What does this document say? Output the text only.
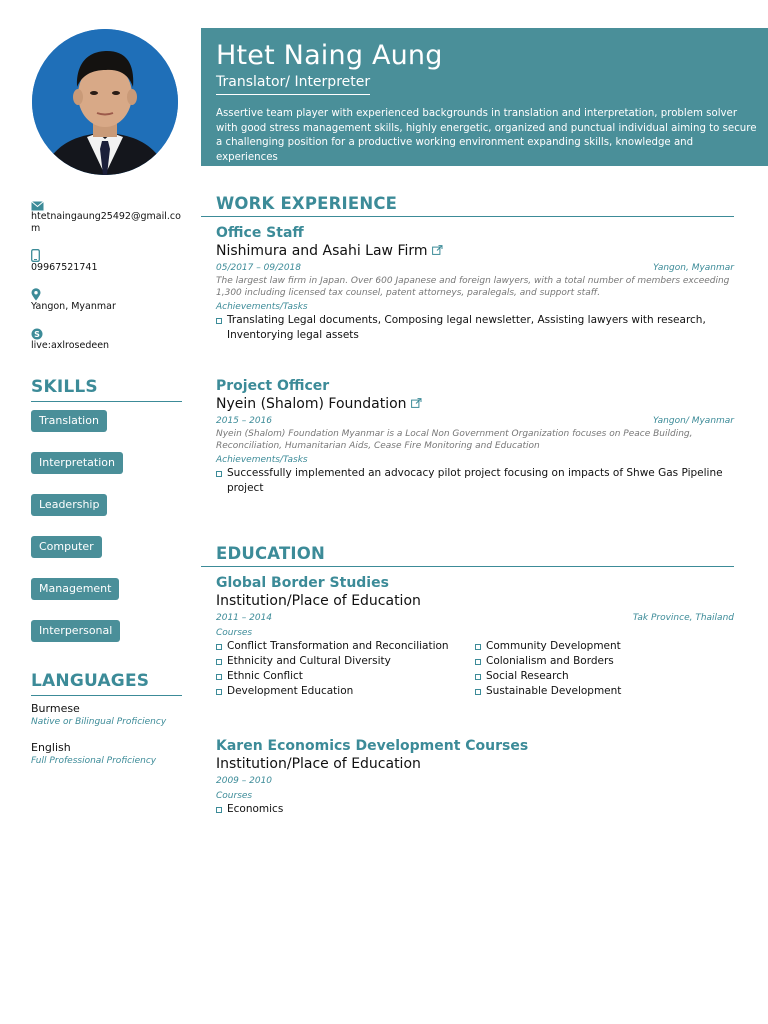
htetnaingaung25492@gmail.com
09967521741
Yangon, Myanmar
S
live:axlrosedeen
SKILLS
Translation
Interpretation
Leadership
Computer
Management
Interpersonal
LANGUAGES
Burmese
Native or Bilingual Proficiency
English
Full Professional Proficiency
Htet Naing Aung
Translator/ Interpreter
Assertive team player with experienced backgrounds in translation and interpretation, problem solver with good stress management skills, highly energetic, organized and punctual individual aiming to secure a challenging position for a productive working environment expanding skills, knowledge and experiences
WORK EXPERIENCE
Office Staff
Nishimura and Asahi Law Firm
05/2017 – 09/2018	Yangon, Myanmar
The largest law firm in Japan. Over 600 Japanese and foreign lawyers, with a total number of members exceeding 1,300 including licensed tax counsel, patent attorneys, paralegals, and support staff.
Achievements/Tasks
Translating Legal documents, Composing legal newsletter, Assisting lawyers with research, Inventorying legal assets
Project Officer
Nyein (Shalom) Foundation
2015 – 2016	Yangon/ Myanmar
Nyein (Shalom) Foundation Myanmar is a Local Non Government Organization focuses on Peace Building, Reconciliation, Humanitarian Aids, Cease Fire Monitoring and Education
Achievements/Tasks
Successfully implemented an advocacy pilot project focusing on impacts of Shwe Gas Pipeline project
EDUCATION
Global Border Studies
Institution/Place of Education
2011 – 2014	Tak Province, Thailand
Courses
Conflict Transformation and Reconciliation
Ethnicity and Cultural Diversity
Ethnic Conflict
Development Education
Community Development
Colonialism and Borders
Social Research
Sustainable Development
Karen Economics Development Courses
Institution/Place of Education
2009 – 2010
Courses
Economics
